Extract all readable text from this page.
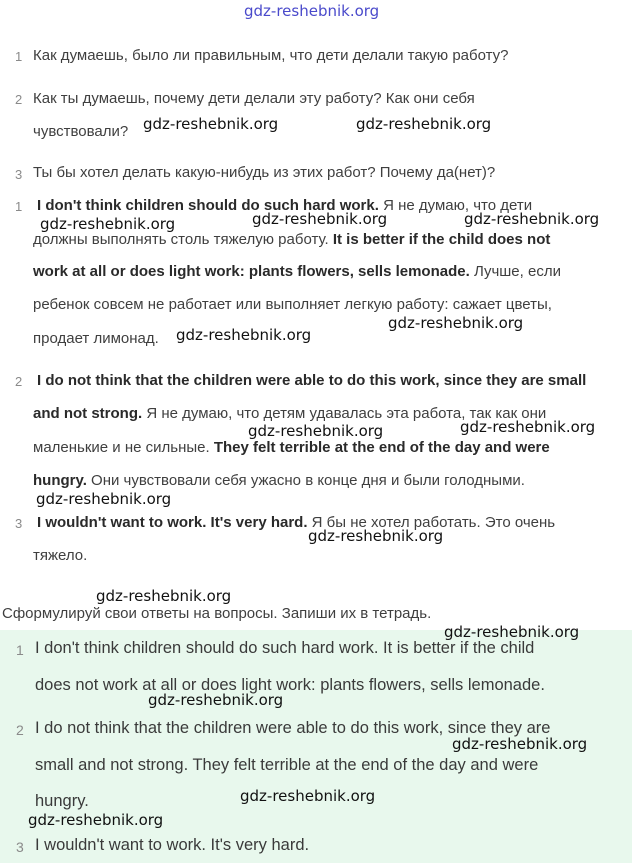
gdz-reshebnik.org
1 Как думаешь, было ли правильным, что дети делали такую работу?
2 Как ты думаешь, почему дети делали эту работу? Как они себя
чувствовали? gdz-reshebnik.org	gdz-reshebnik.org
3 Ты бы хотел делать какую-нибудь из этих работ? Почему да(нет)?
1 I don't think children should do such hard work. Я не думаю, что дети
gdz-reshebnik.org	gdz-reshebnik.org	gdz-reshebnik.org
должны выполнять столь тяжелую работу. It is better if the child does not
work at all or does light work: plants flowers, sells lemonade. Лучше, если
ребенок совсем не работает или выполняет легкую работу: сажает цветы,
gdz-reshebnik.org
продает лимонад. gdz-reshebnik.org
2 I do not think that the children were able to do this work, since they are small
and not strong. Я не думаю, что детям удавалась эта работа, так как они
gdz-reshebnik.org	gdz-reshebnik.org
маленькие и не сильные. They felt terrible at the end of the day and were
hungry. Они чувствовали себя ужасно в конце дня и были голодными.
gdz-reshebnik.org
3 I wouldn't want to work. It's very hard. Я бы не хотел работать. Это очень
gdz-reshebnik.org
тяжело.
gdz-reshebnik.org
Сформулируй свои ответы на вопросы. Запиши их в тетрадь.
gdz-reshebnik.org
1 I don't think children should do such hard work. It is better if the child
does not work at all or does light work: plants flowers, sells lemonade.
gdz-reshebnik.org
2 I do not think that the children were able to do this work, since they are
gdz-reshebnik.org
small and not strong. They felt terrible at the end of the day and were
hungry.	gdz-reshebnik.org
gdz-reshebnik.org
3 I wouldn't want to work. It's very hard.
